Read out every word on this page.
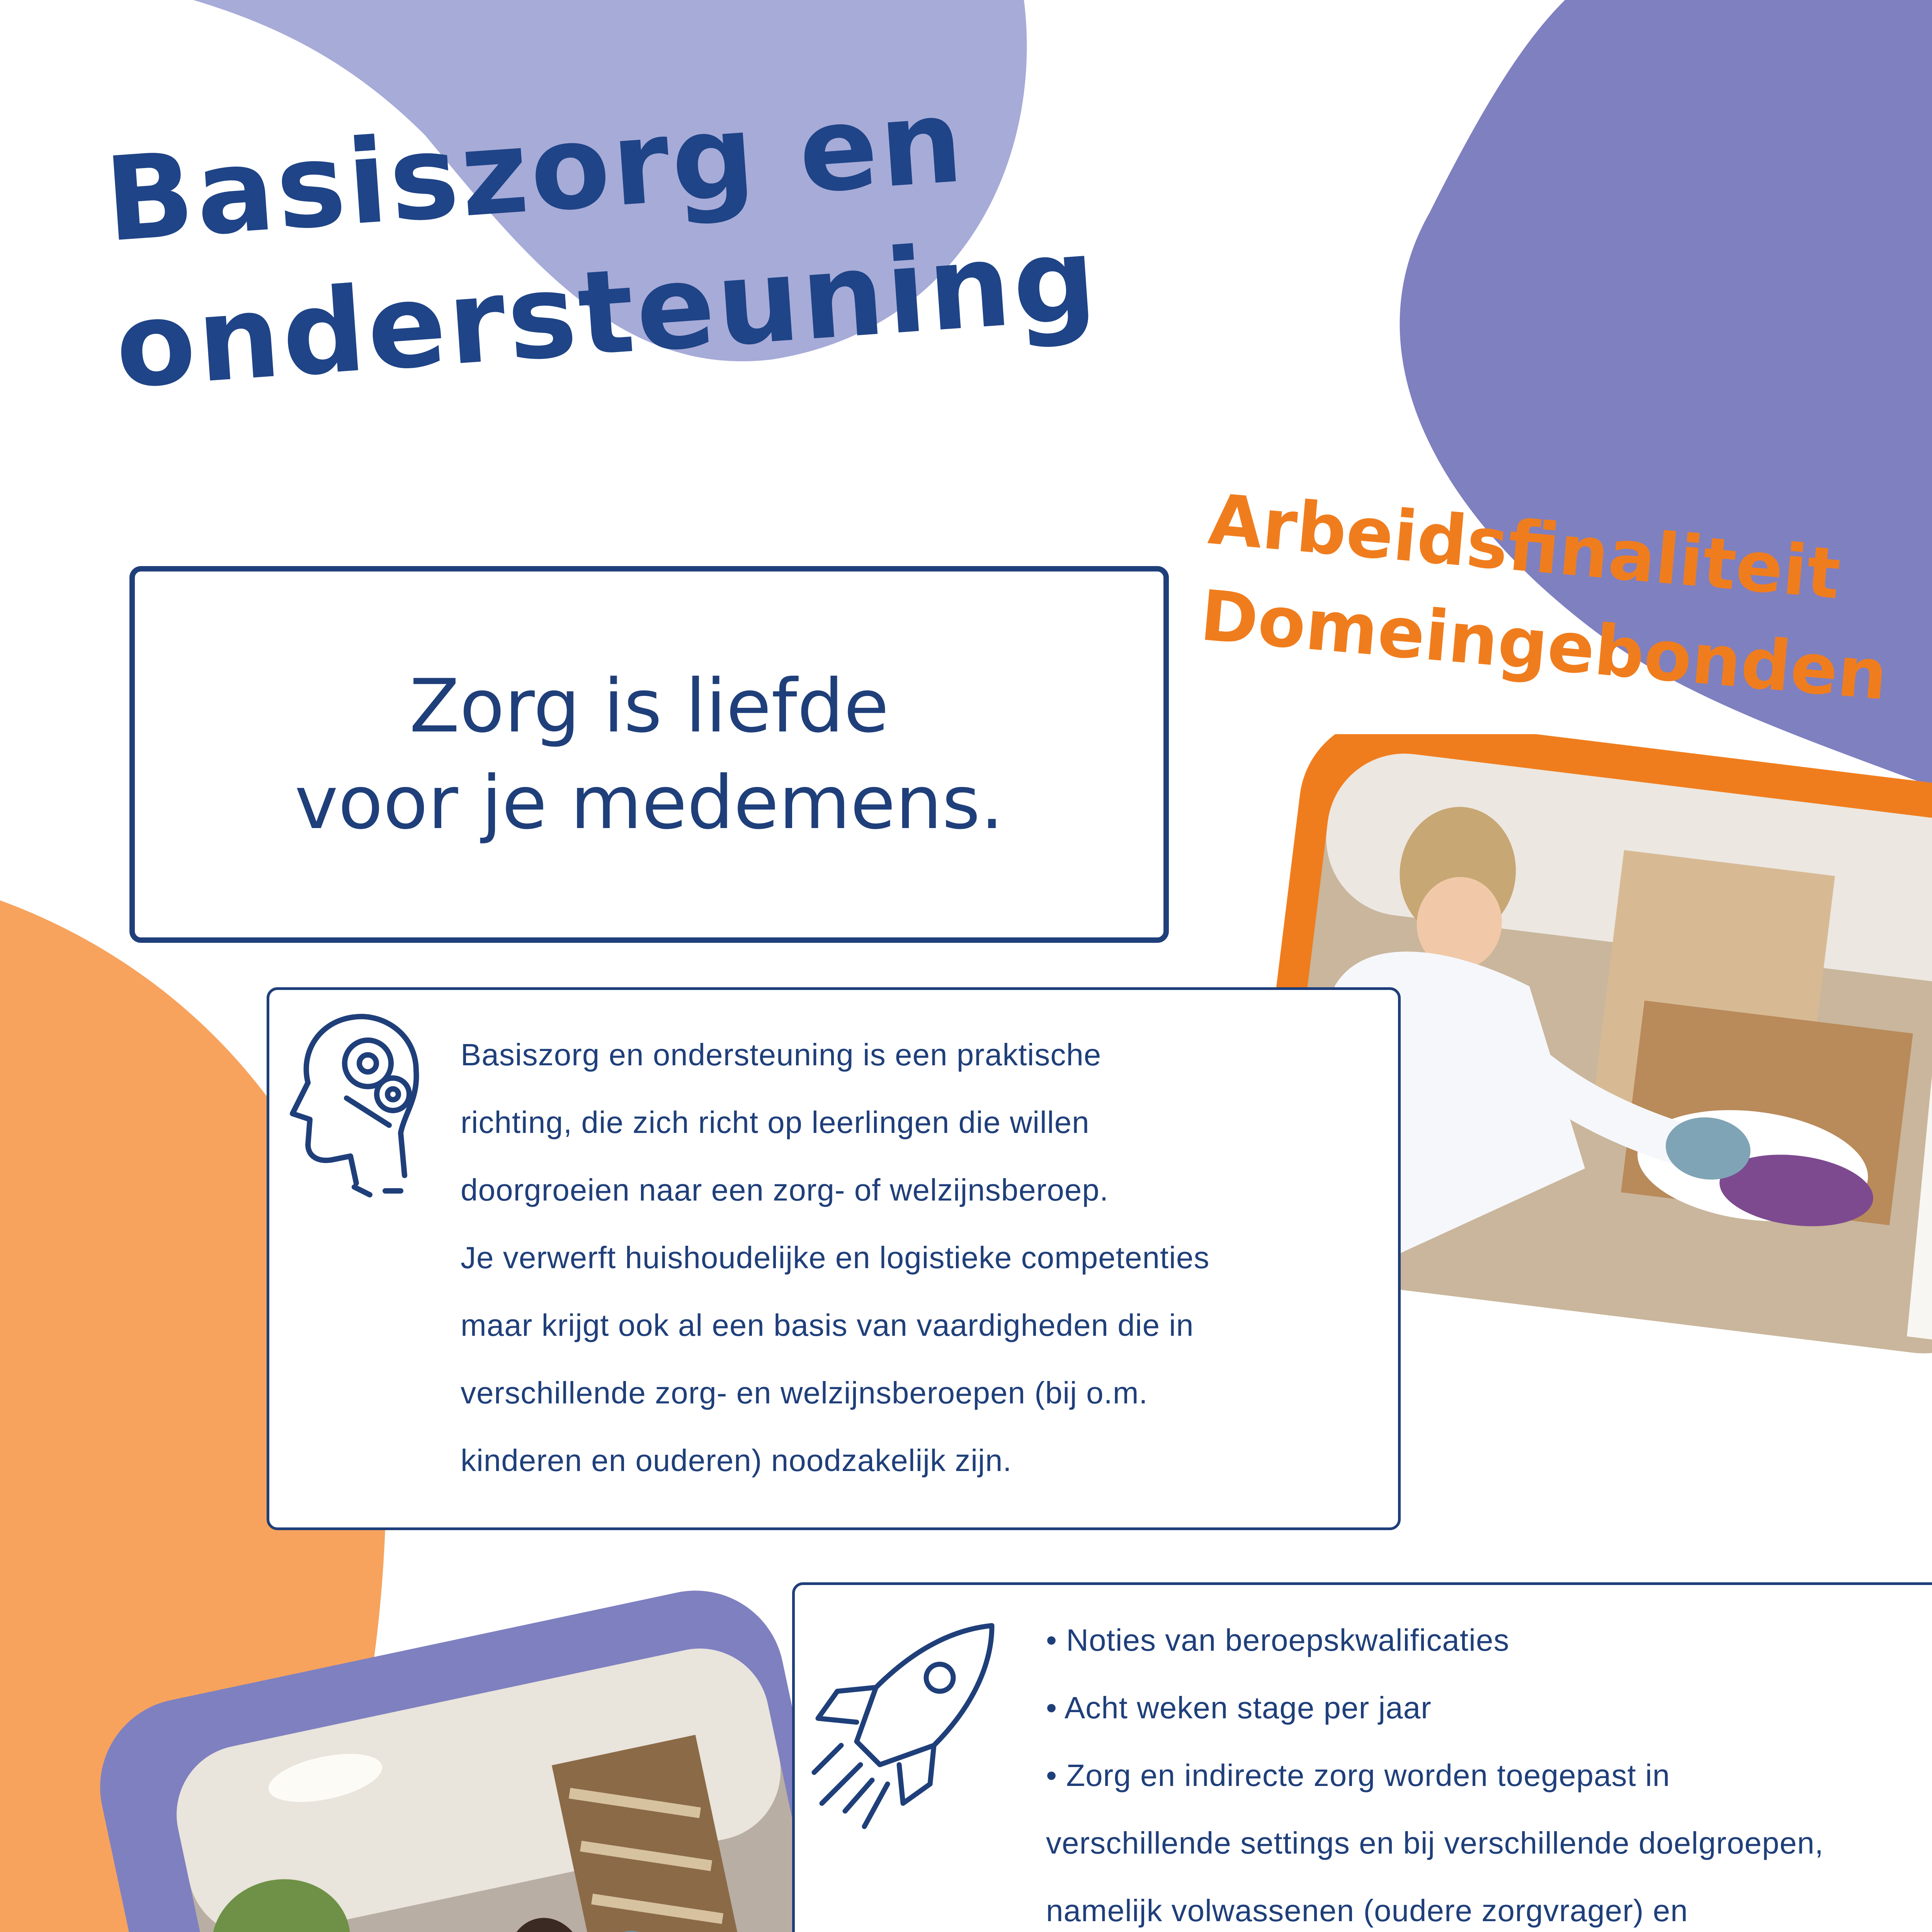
Basiszorg en
ondersteuning
Arbeidsfinaliteit
Domeingebonden
Zorg is liefde
voor je medemens.

Basiszorg en ondersteuning is een praktische

richting, die zich richt op leerlingen die willen

doorgroeien naar een zorg- of welzijnsberoep.

Je verwerft huishoudelijke en logistieke competenties

maar krijgt ook al een basis van vaardigheden die in

verschillende zorg- en welzijnsberoepen (bij o.m.

kinderen en ouderen) noodzakelijk zijn.

• Noties van beroepskwalificaties

• Acht weken stage per jaar

• Zorg en indirecte zorg worden toegepast in

verschillende settings en bij verschillende doelgroepen,

namelijk volwassenen (oudere zorgvrager) en
